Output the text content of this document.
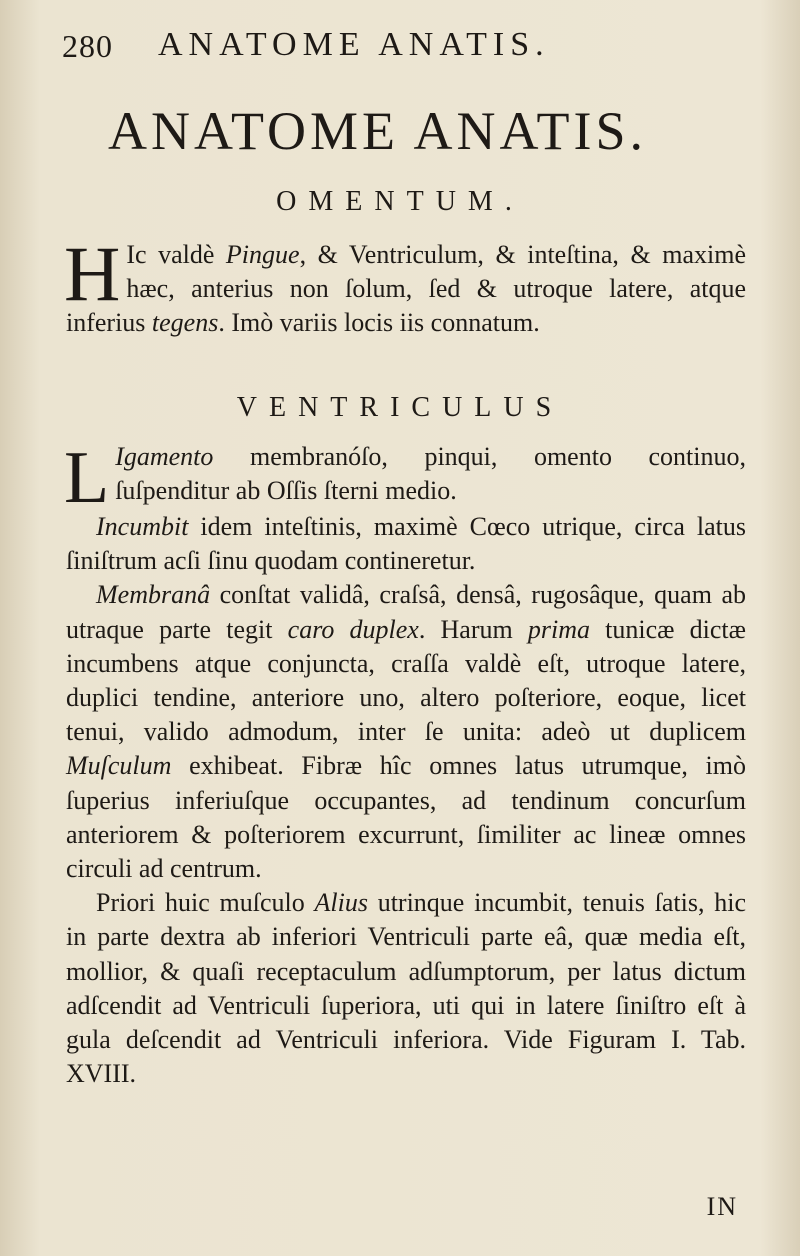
280 ANATOME ANATIS.
ANATOME ANATIS.
OMENTUM.
H Ic valdè Pingue, & Ventriculum, & inteſtina, & maximè hæc, anterius non ſolum, ſed & utroque latere, atque inferius tegens. Imò variis locis iis connatum.
VENTRICULUS

L Igamento membranóſo, pinqui, omento continuo, ſuſpenditur ab Oſſis ſterni medio.

Incumbit idem inteſtinis, maximè Cœco utrique, circa latus ſiniſtrum acſi ſinu quodam contineretur.

Membranâ conſtat validâ, craſsâ, densâ, rugosâque, quam ab utraque parte tegit caro duplex. Harum prima tunicæ dictæ incumbens atque conjuncta, craſſa valdè eſt, utroque latere, duplici tendine, anteriore uno, altero poſteriore, eoque, licet tenui, valido admodum, inter ſe unita: adeò ut duplicem Muſculum exhibeat. Fibræ hîc omnes latus utrumque, imò ſuperius inferiuſque occupantes, ad tendinum concurſum anteriorem & poſteriorem excurrunt, ſimiliter ac lineæ omnes circuli ad centrum.

Priori huic muſculo Alius utrinque incumbit, tenuis ſatis, hic in parte dextra ab inferiori Ventriculi parte eâ, quæ media eſt, mollior, & quaſi receptaculum adſumptorum, per latus dictum adſcendit ad Ventriculi ſuperiora, uti qui in latere ſiniſtro eſt à gula deſcendit ad Ventriculi inferiora. Vide Figuram I. Tab. XVIII.

IN
